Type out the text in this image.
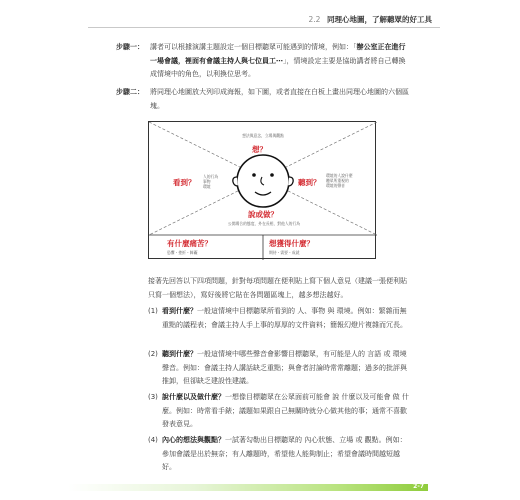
2.2 同理心地圖，了解聽眾的好工具
步驟一： 講者可以根據演講主題設定一個目標聽眾可能遇到的情境，例如：「辦公室正在進行一場會議，裡面有會議主持人與七位員工⋯」，情境設定主要是協助講者將自己轉換成情境中的角色，以利換位思考。
步驟二： 將同理心地圖放大列印成海報，如下圖，或者直接在白板上畫出同理心地圖的六個區塊。
想法與意念，立場與觀點
想？
看到？
人的行為
事物
環境	聽到？
環境的人說什麼
聽眾所重視的
環境的聲音
說或做？
公開場合的態度，外在長相，對他人的行為
有什麼痛苦？
恐懼・挫折・障礙
想獲得什麼？
期待・需要・成就
接著先回答以下四項問題，針對每項問題在便利貼上寫下個人意見（建議一張便利貼只寫一個想法），寫好後將它貼在各問題區塊上，越多想法越好。
(1) 看到什麼？一般這情境中目標聽眾所看到的 人、事物 與 環境。例如：繁雜而無重點的議程表；會議主持人手上事的厚厚的文件資料；簡報幻燈片複雜而冗長。
(2) 聽到什麼？一般這情境中哪些聲音會影響目標聽眾，有可能是人的 言語 或 環境聲音。例如：會議主持人講話缺乏重點；與會者討論時常常離題；過多的批評與推卸，但卻缺乏建設性建議。
(3) 說什麼以及做什麼？一想像目標聽眾在公眾面前可能會 說 什麼以及可能會 做 什麼。例如：時常看手錶；議題如果跟自己無關時就分心做其他的事；通常不喜歡發表意見。
(4) 內心的想法與觀點？一試著勾勒出目標聽眾的 內心狀態、立場 或 觀點。例如：參加會議是出於無奈；有人離題時，希望他人能夠制止；希望會議時間越短越好。
2-7
